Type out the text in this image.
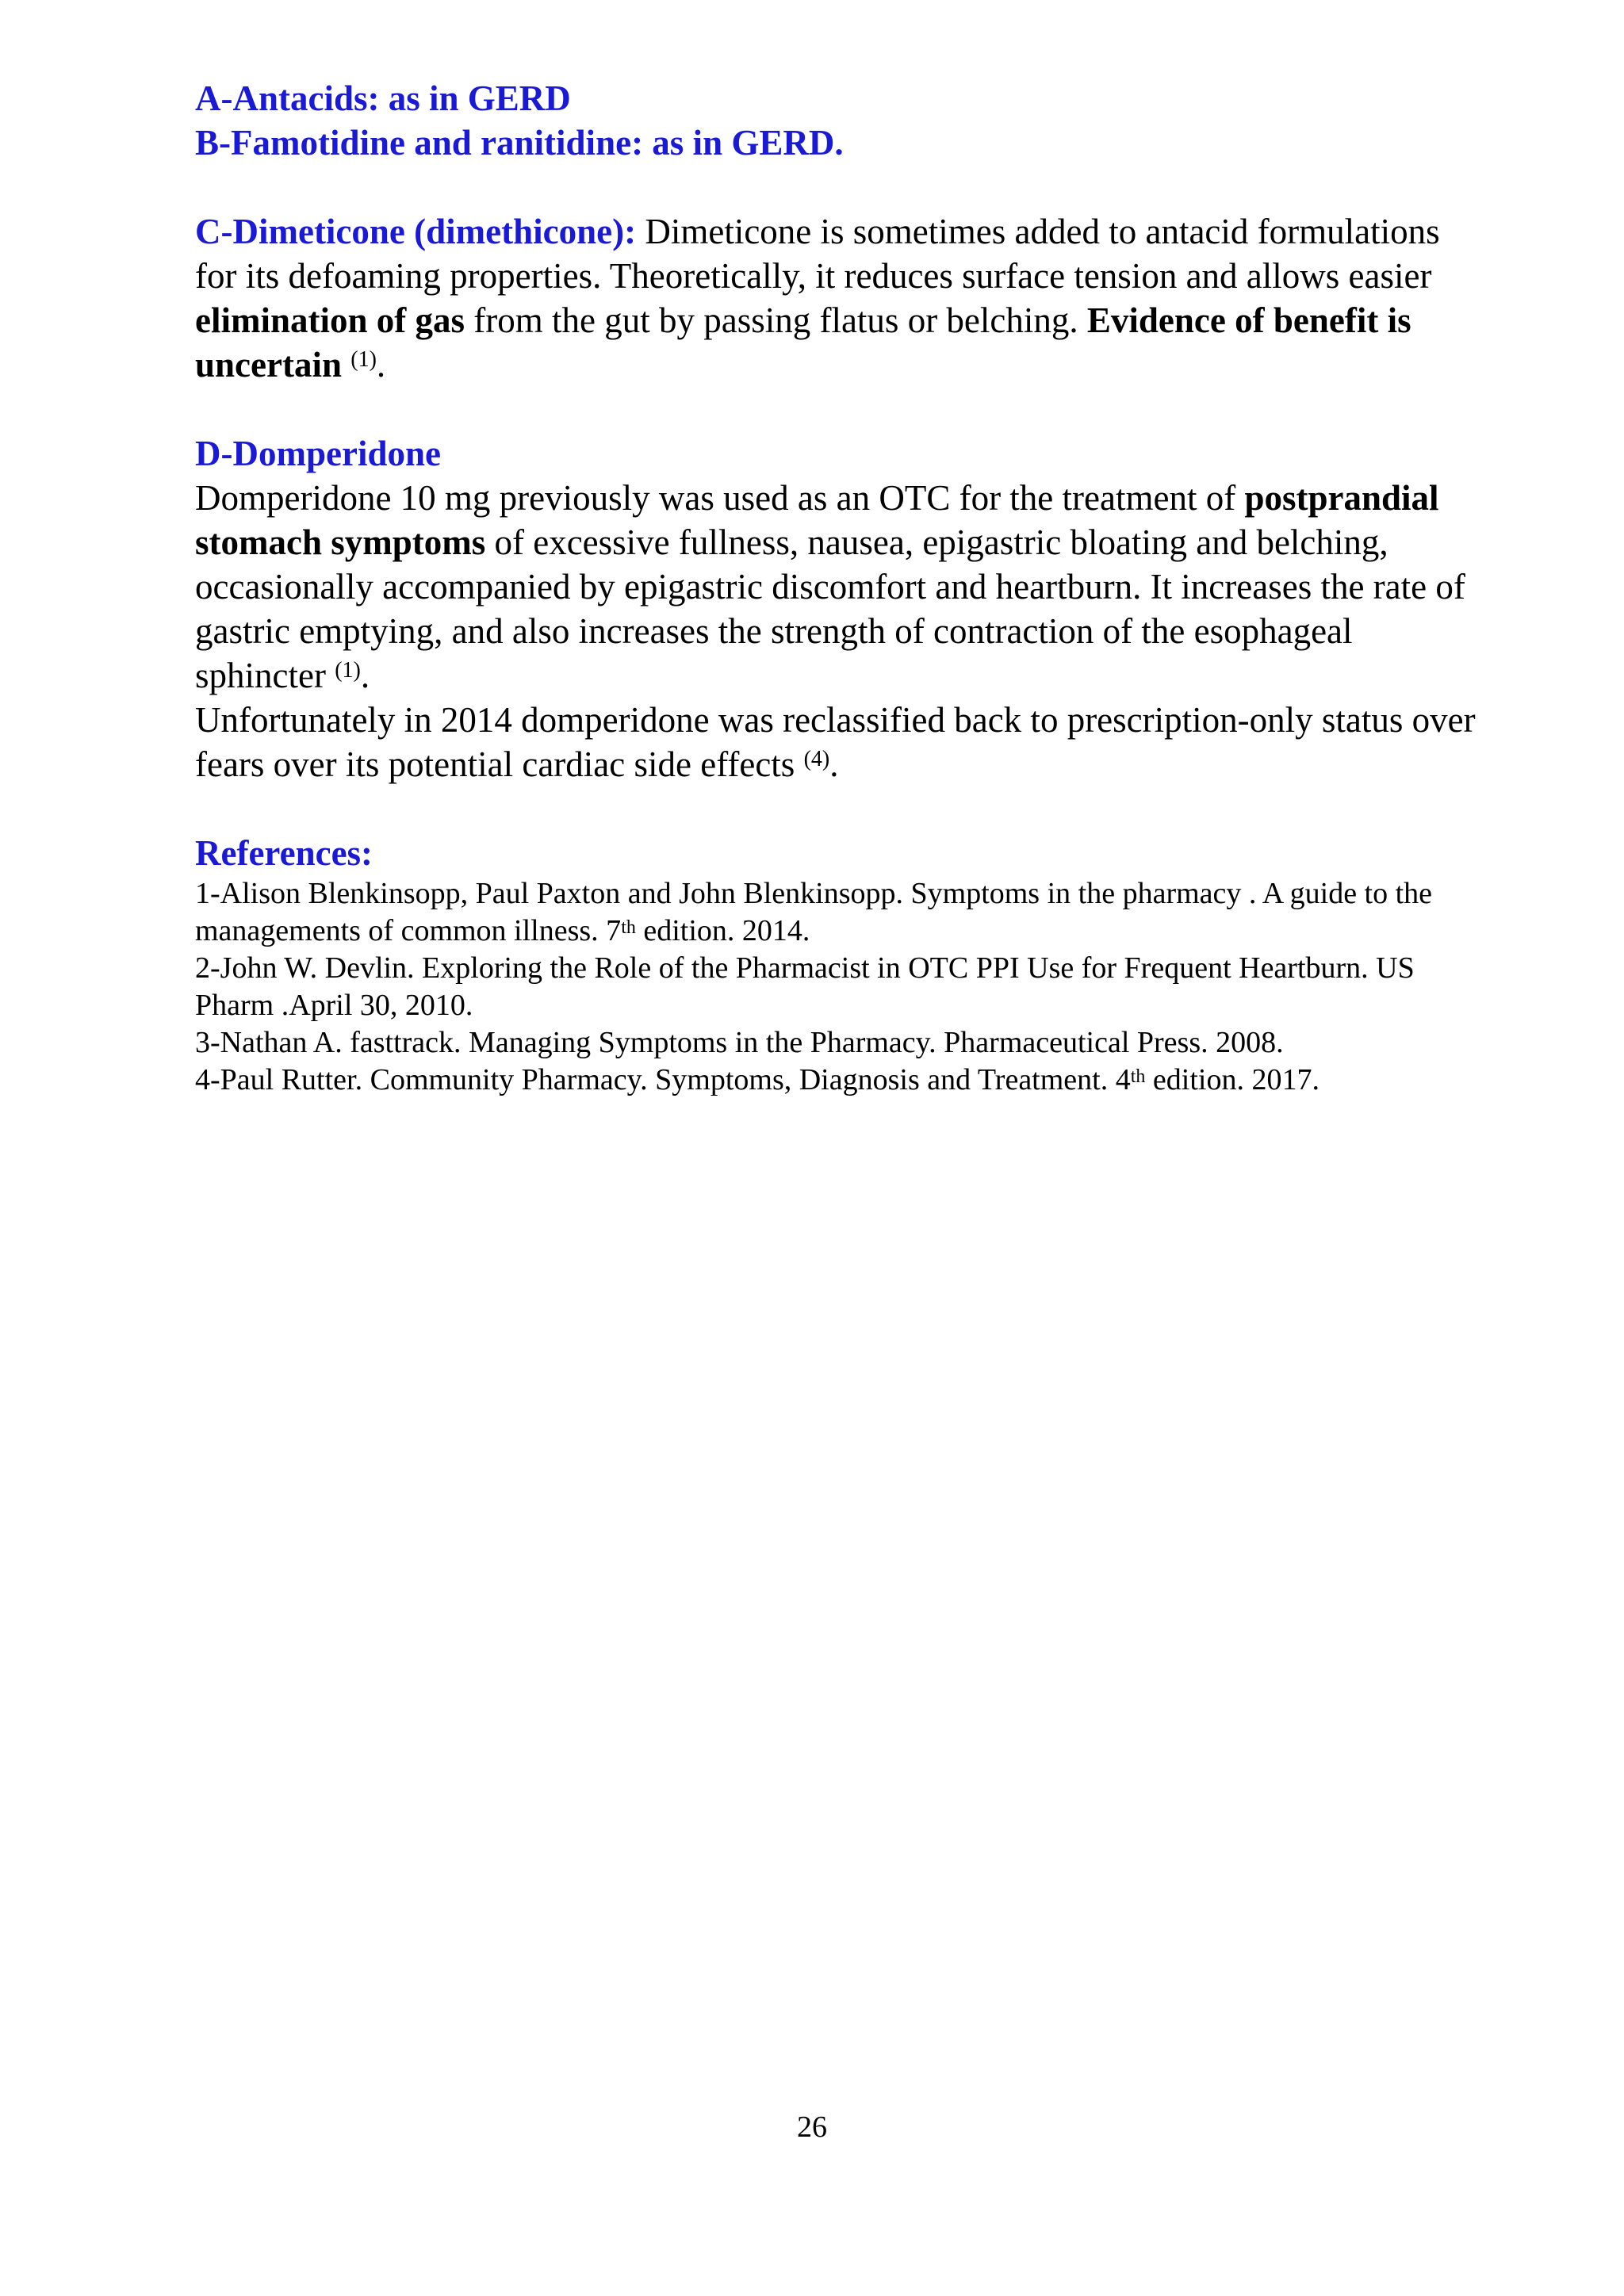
A-Antacids: as in GERD

B-Famotidine and ranitidine: as in GERD.

C-Dimeticone (dimethicone): Dimeticone is sometimes added to antacid formulations for its defoaming properties. Theoretically, it reduces surface tension and allows easier elimination of gas from the gut by passing flatus or belching. Evidence of benefit is uncertain $^{(1)}$.

D-Domperidone

Domperidone 10 mg previously was used as an OTC for the treatment of postprandial stomach symptoms of excessive fullness, nausea, epigastric bloating and belching, occasionally accompanied by epigastric discomfort and heartburn. It increases the rate of gastric emptying, and also increases the strength of contraction of the esophageal sphincter $^{(1)}$.

Unfortunately in 2014 domperidone was reclassified back to prescription-only status over fears over its potential cardiac side effects $^{(4)}$.

References:

1-Alison Blenkinsopp, Paul Paxton and John Blenkinsopp. Symptoms in the pharmacy . A guide to the managements of common illness. 7th edition. 2014.

2-John W. Devlin. Exploring the Role of the Pharmacist in OTC PPI Use for Frequent Heartburn. US Pharm .April 30, 2010.

3-Nathan A. fasttrack. Managing Symptoms in the Pharmacy. Pharmaceutical Press. 2008.

4-Paul Rutter. Community Pharmacy. Symptoms, Diagnosis and Treatment. 4th edition. 2017.

26
